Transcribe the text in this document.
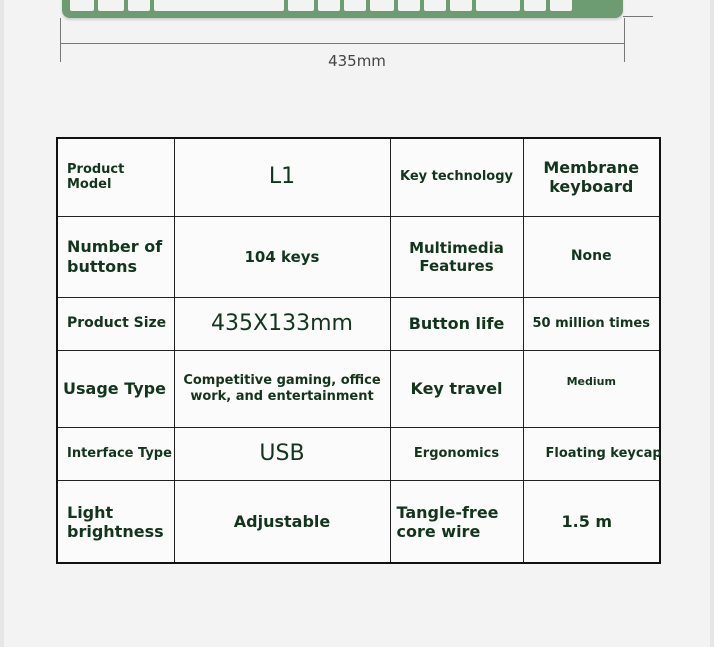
435mm
Product Model	L1	Key technology	Membrane keyboard
Number of buttons	104 keys	Multimedia Features	None
Product Size	435X133mm	Button life	50 million times
Usage Type	Competitive gaming, office work, and entertainment	Key travel	Medium
Interface Type	USB	Ergonomics	Floating keycap
Light brightness	Adjustable	Tangle-free core wire	1.5 m
